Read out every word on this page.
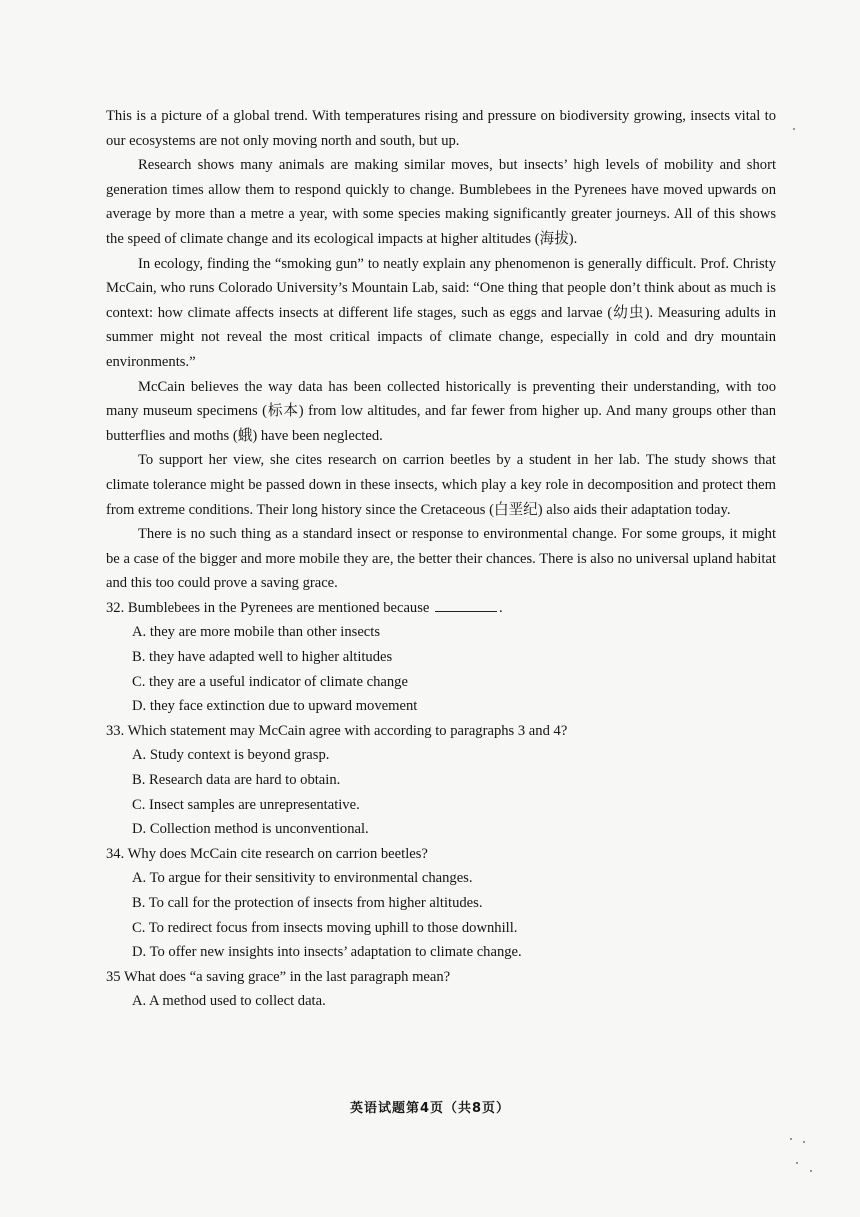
This is a picture of a global trend. With temperatures rising and pressure on biodiversity growing, insects vital to our ecosystems are not only moving north and south, but up.

Research shows many animals are making similar moves, but insects’ high levels of mobility and short generation times allow them to respond quickly to change. Bumblebees in the Pyrenees have moved upwards on average by more than a metre a year, with some species making significantly greater journeys. All of this shows the speed of climate change and its ecological impacts at higher altitudes (海拔).

In ecology, finding the “smoking gun” to neatly explain any phenomenon is generally difficult. Prof. Christy McCain, who runs Colorado University’s Mountain Lab, said: “One thing that people don’t think about as much is context: how climate affects insects at different life stages, such as eggs and larvae (幼虫). Measuring adults in summer might not reveal the most critical impacts of climate change, especially in cold and dry mountain environments.”

McCain believes the way data has been collected historically is preventing their understanding, with too many museum specimens (标本) from low altitudes, and far fewer from higher up. And many groups other than butterflies and moths (蛾) have been neglected.

To support her view, she cites research on carrion beetles by a student in her lab. The study shows that climate tolerance might be passed down in these insects, which play a key role in decomposition and protect them from extreme conditions. Their long history since the Cretaceous (白垩纪) also aids their adaptation today.

There is no such thing as a standard insect or response to environmental change. For some groups, it might be a case of the bigger and more mobile they are, the better their chances. There is also no universal upland habitat and this too could prove a saving grace.

32. Bumblebees in the Pyrenees are mentioned because	.

A. they are more mobile than other insects

B. they have adapted well to higher altitudes

C. they are a useful indicator of climate change

D. they face extinction due to upward movement

33. Which statement may McCain agree with according to paragraphs 3 and 4?

A. Study context is beyond grasp.

B. Research data are hard to obtain.

C. Insect samples are unrepresentative.

D. Collection method is unconventional.

34. Why does McCain cite research on carrion beetles?

A. To argue for their sensitivity to environmental changes.

B. To call for the protection of insects from higher altitudes.

C. To redirect focus from insects moving uphill to those downhill.

D. To offer new insights into insects’ adaptation to climate change.

35 What does “a saving grace” in the last paragraph mean?

A. A method used to collect data.

英语试题第4页（共8页）
